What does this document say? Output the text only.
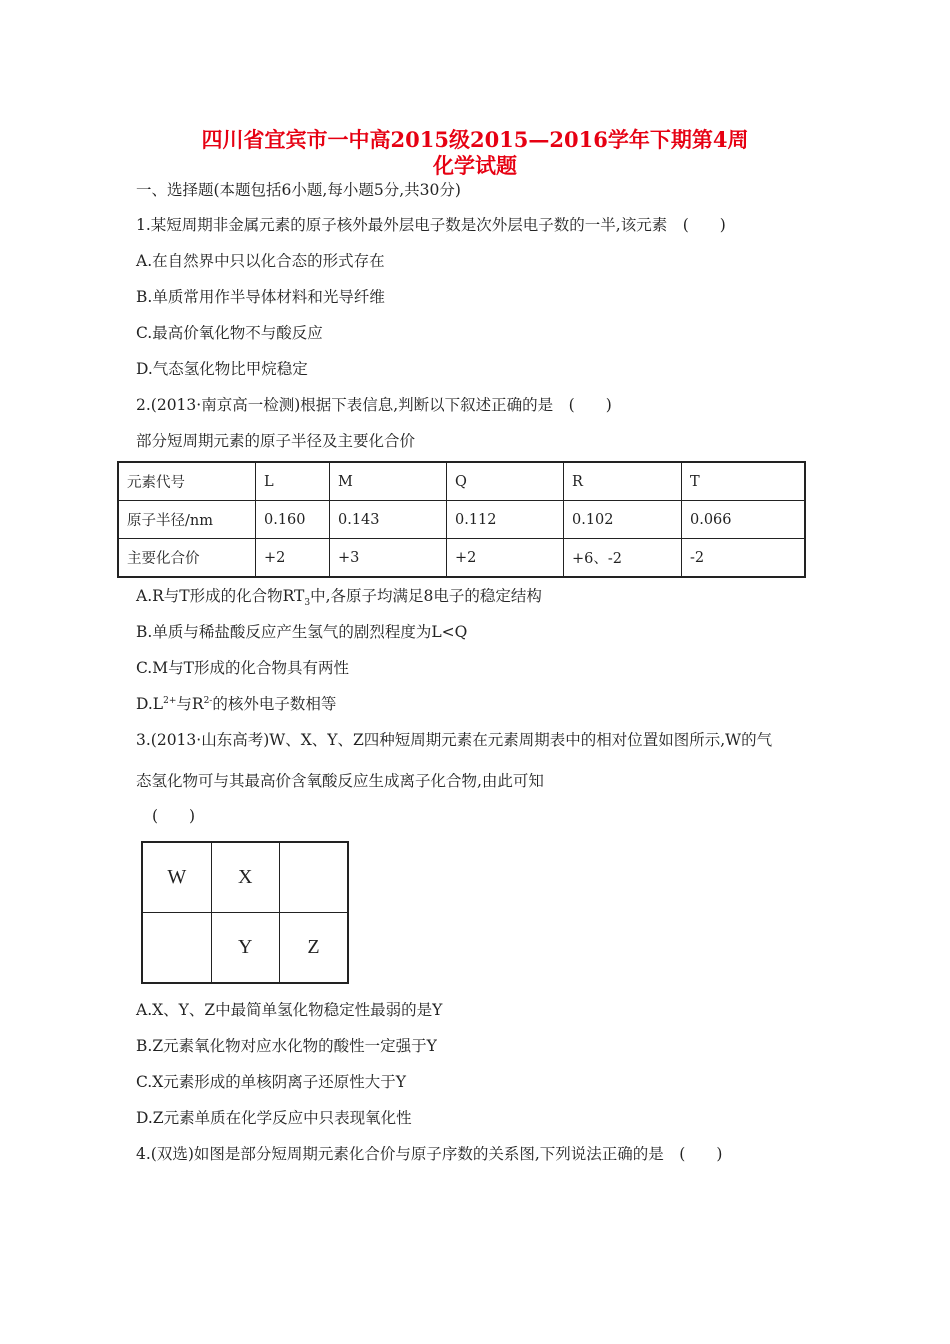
四川省宜宾市一中高2015级2015—2016学年下期第4周
化学试题
一、选择题(本题包括6小题,每小题5分,共30分)
1.某短周期非金属元素的原子核外最外层电子数是次外层电子数的一半,该元素　(　　)
A.在自然界中只以化合态的形式存在
B.单质常用作半导体材料和光导纤维
C.最高价氧化物不与酸反应
D.气态氢化物比甲烷稳定
2.(2013·南京高一检测)根据下表信息,判断以下叙述正确的是　(　　)
部分短周期元素的原子半径及主要化合价
元素代号	L	M	Q	R	T
原子半径/nm	0.160	0.143	0.112	0.102	0.066
主要化合价	+2	+3	+2	+6、-2	-2
A.R与T形成的化合物$RT_3$中,各原子均满足8电子的稳定结构
B.单质与稀盐酸反应产生氢气的剧烈程度为L<Q
C.M与T形成的化合物具有两性
$D.L^{2+}$与$R^{2-}$的核外电子数相等
3.(2013·山东高考)W、X、Y、Z四种短周期元素在元素周期表中的相对位置如图所示,W的气
态氢化物可与其最高价含氧酸反应生成离子化合物,由此可知
(　　)
W	X	
	Y	Z
A.X、Y、Z中最简单氢化物稳定性最弱的是Y
B.Z元素氧化物对应水化物的酸性一定强于Y
C.X元素形成的单核阴离子还原性大于Y
D.Z元素单质在化学反应中只表现氧化性
4.(双选)如图是部分短周期元素化合价与原子序数的关系图,下列说法正确的是　(　　)
